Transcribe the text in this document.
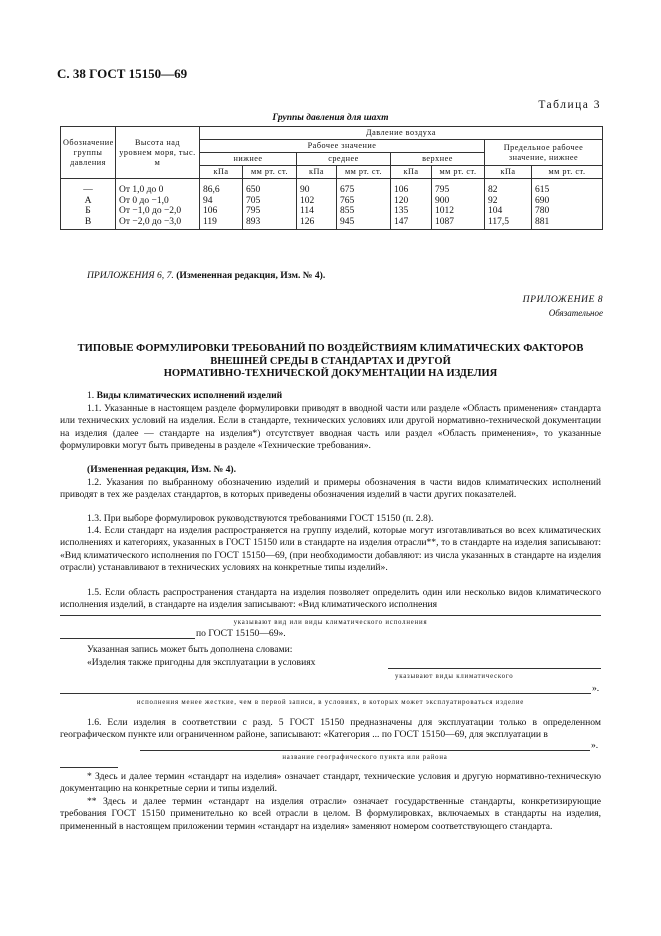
С. 38 ГОСТ 15150—69
Таблица 3
Группы давления для шахт
Обозначение группы давления	Высота над уровнем моря, тыс. м	Давление воздуха							
		Рабочее значение						Предельное рабочее значение, нижнее	
		нижнее		среднее		верхнее			
		кПа	мм рт. ст.	кПа	мм рт. ст.	кПа	мм рт. ст.	кПа	мм рт. ст.
—	От 1,0 до 0	86,6	650	90	675	106	795	82	615
А	От 0 до −1,0	94	705	102	765	120	900	92	690
Б	От −1,0 до −2,0	106	795	114	855	135	1012	104	780
В	От −2,0 до −3,0	119	893	126	945	147	1087	117,5	881
ПРИЛОЖЕНИЯ 6, 7. (Измененная редакция, Изм. № 4).
ПРИЛОЖЕНИЕ 8
Обязательное
ТИПОВЫЕ ФОРМУЛИРОВКИ ТРЕБОВАНИЙ ПО ВОЗДЕЙСТВИЯМ КЛИМАТИЧЕСКИХ ФАКТОРОВ
ВНЕШНЕЙ СРЕДЫ В СТАНДАРТАХ И ДРУГОЙ
НОРМАТИВНО-ТЕХНИЧЕСКОЙ ДОКУМЕНТАЦИИ НА ИЗДЕЛИЯ
1. Виды климатических исполнений изделий
1.1. Указанные в настоящем разделе формулировки приводят в вводной части или разделе «Область применения» стандарта или технических условий на изделия. Если в стандарте, технических условиях или другой нормативно-технической документации на изделия (далее — стандарте на изделия*) отсутствует вводная часть или раздел «Область применения», то указанные формулировки могут быть приведены в разделе «Технические требования».
(Измененная редакция, Изм. № 4).
1.2. Указания по выбранному обозначению изделий и примеры обозначения в части видов климатических исполнений приводят в тех же разделах стандартов, в которых приведены обозначения изделий в части других показателей.
1.3. При выборе формулировок руководствуются требованиями ГОСТ 15150 (п. 2.8).
1.4. Если стандарт на изделия распространяется на группу изделий, которые могут изготавливаться во всех климатических исполнениях и категориях, указанных в ГОСТ 15150 или в стандарте на изделия отрасли**, то в стандарте на изделия записывают: «Вид климатического исполнения по ГОСТ 15150—69, (при необходимости добавляют: из числа указанных в стандарте на изделия отрасли) устанавливают в технических условиях на конкретные типы изделий».
1.5. Если область распространения стандарта на изделия позволяет определить один или несколько видов климатического исполнения изделий, в стандарте на изделия записывают: «Вид климатического исполнения
указывают вид или виды климатического исполнения
по ГОСТ 15150—69».
Указанная запись может быть дополнена словами:
«Изделия также пригодны для эксплуатации в условиях
указывают виды климатического
».
исполнения менее жесткие, чем в первой записи, в условиях, в которых может эксплуатироваться изделие
1.6. Если изделия в соответствии с разд. 5 ГОСТ 15150 предназначены для эксплуатации только в определенном географическом пункте или ограниченном районе, записывают: «Категория ... по ГОСТ 15150—69, для эксплуатации в
».
название географического пункта или района
* Здесь и далее термин «стандарт на изделия» означает стандарт, технические условия и другую нормативно-техническую документацию на конкретные серии и типы изделий.
** Здесь и далее термин «стандарт на изделия отрасли» означает государственные стандарты, конкретизирующие требования ГОСТ 15150 применительно ко всей отрасли в целом. В формулировках, включаемых в стандарты на изделия, примененный в настоящем приложении термин «стандарт на изделия» заменяют номером соответствующего стандарта.
